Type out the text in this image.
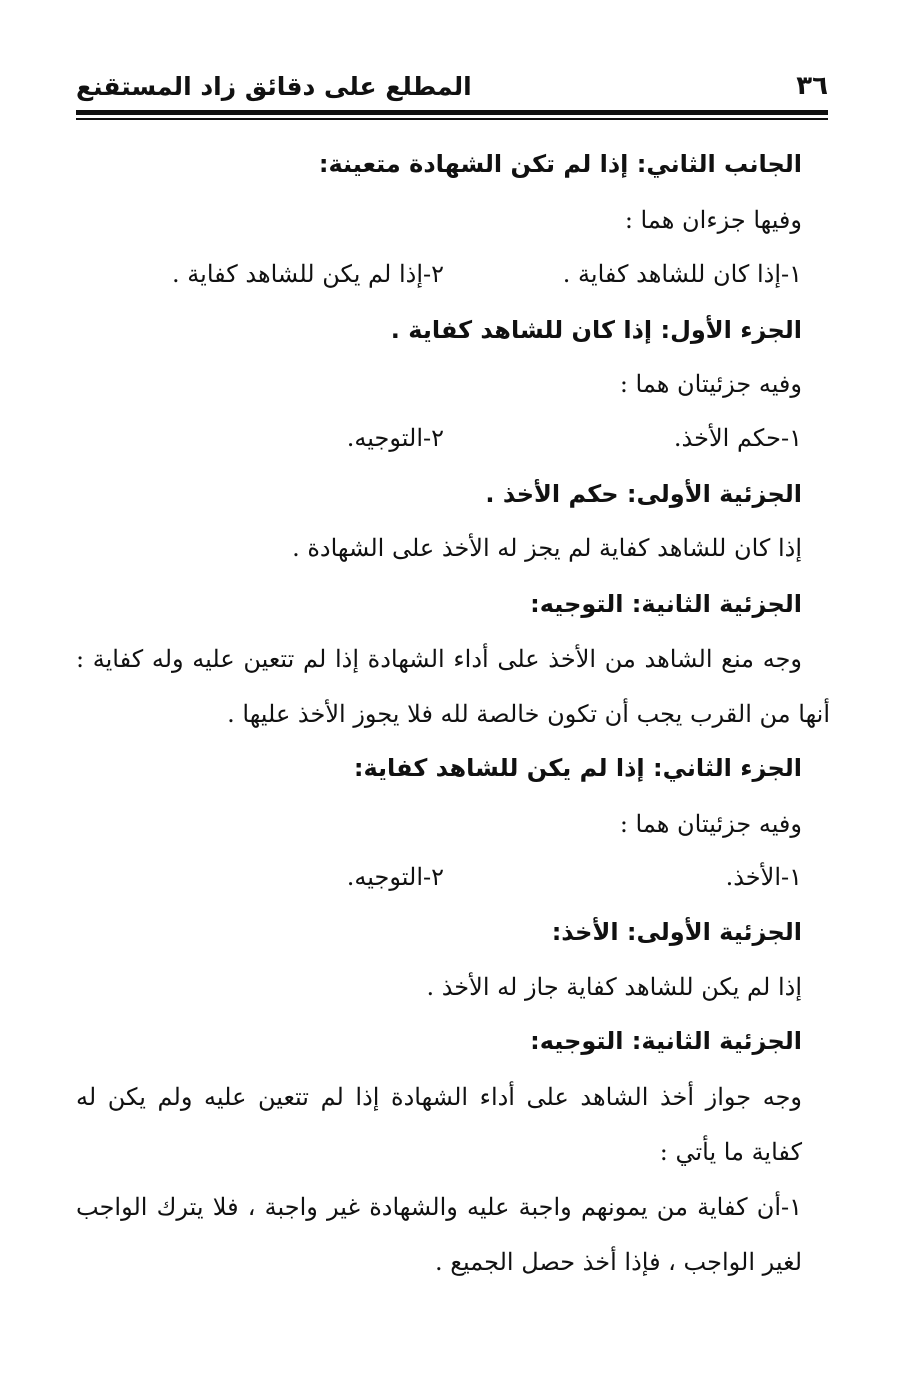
٣٦
المطلع على دقائق زاد المستقنع
الجانب الثاني: إذا لم تكن الشهادة متعينة:
وفيها جزءان هما :
١-إذا كان للشاهد كفاية .
٢-إذا لم يكن للشاهد كفاية .
الجزء الأول: إذا كان للشاهد كفاية .
وفيه جزئيتان هما :
١-حكم الأخذ.
٢-التوجيه.
الجزئية الأولى: حكم الأخذ .
إذا كان للشاهد كفاية لم يجز له الأخذ على الشهادة .
الجزئية الثانية: التوجيه:
وجه منع الشاهد من الأخذ على أداء الشهادة إذا لم تتعين عليه وله كفاية :
أنها من القرب يجب أن تكون خالصة لله فلا يجوز الأخذ عليها .
الجزء الثاني: إذا لم يكن للشاهد كفاية:
وفيه جزئيتان هما :
١-الأخذ.
٢-التوجيه.
الجزئية الأولى: الأخذ:
إذا لم يكن للشاهد كفاية جاز له الأخذ .
الجزئية الثانية: التوجيه:
وجه جواز أخذ الشاهد على أداء الشهادة إذا لم تتعين عليه ولم يكن له
كفاية ما يأتي :
١-أن كفاية من يمونهم واجبة عليه والشهادة غير واجبة ، فلا يترك الواجب
لغير الواجب ، فإذا أخذ حصل الجميع .
